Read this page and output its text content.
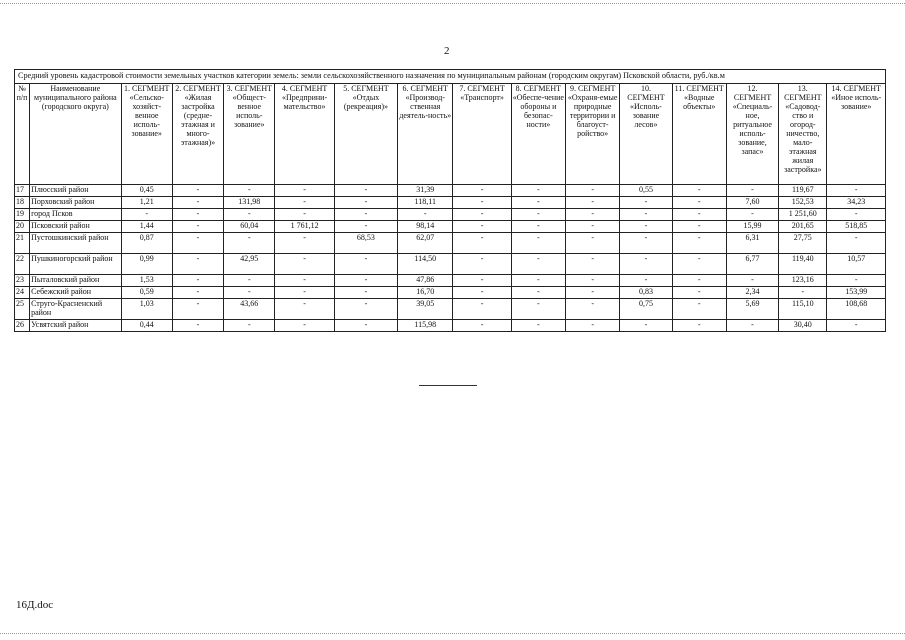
2
Средний уровень кадастровой стоимости земельных участков категории земель: земли сельскохозяйственного назначения по муниципальным районам (городским округам) Псковской области, руб./кв.м															
№ п/п	Наименование муниципального района (городского округа)	1. СЕГМЕНТ «Сельско-хозяйст-венное исполь-зование»	2. СЕГМЕНТ «Жилая застройка (средне-этажная и много-этажная)»	3. СЕГМЕНТ «Общест-венное исполь-зование»	4. СЕГМЕНТ «Предприни-мательство»	5. СЕГМЕНТ «Отдых (рекреация)»	6. СЕГМЕНТ «Производ-ственная деятель-ность»	7. СЕГМЕНТ «Транспорт»	8. СЕГМЕНТ «Обеспе-чение обороны и безопас-ности»	9. СЕГМЕНТ «Охраня-емые природные территории и благоуст-ройство»	10. СЕГМЕНТ «Исполь-зование лесов»	11. СЕГМЕНТ «Водные объекты»	12. СЕГМЕНТ «Специаль-ное, ритуальное исполь-зование, запас»	13. СЕГМЕНТ «Садовод-ство и огород-ничество, мало-этажная жилая застройка»	14. СЕГМЕНТ «Иное исполь-зование»
17	Плюсский район	0,45	-	-	-	-	31,39	-	-	-	0,55	-	-	119,67	-
18	Порховский район	1,21	-	131,98	-	-	118,11	-	-	-	-	-	7,60	152,53	34,23
19	город Псков	-	-	-	-	-	-	-	-	-	-	-	-	1 251,60	-
20	Псковский район	1,44	-	60,04	1 761,12	-	98,14	-	-	-	-	-	15,99	201,65	518,85
21	Пустошкинский район	0,87	-	-	-	68,53	62,07	-	-	-	-	-	6,31	27,75	-
22	Пушкиногорский район	0,99	-	42,95	-	-	114,50	-	-	-	-	-	6,77	119,40	10,57
23	Пыталовский район	1,53	-	-	-	-	47,86	-	-	-	-	-	-	123,16	-
24	Себежский район	0,59	-	-	-	-	16,70	-	-	-	0,83	-	2,34	-	153,99
25	Струго-Красненский район	1,03	-	43,66	-	-	39,05	-	-	-	0,75	-	5,69	115,10	108,68
26	Усвятский район	0,44	-	-	-	-	115,98	-	-	-	-	-	-	30,40	-
16Д.doc
